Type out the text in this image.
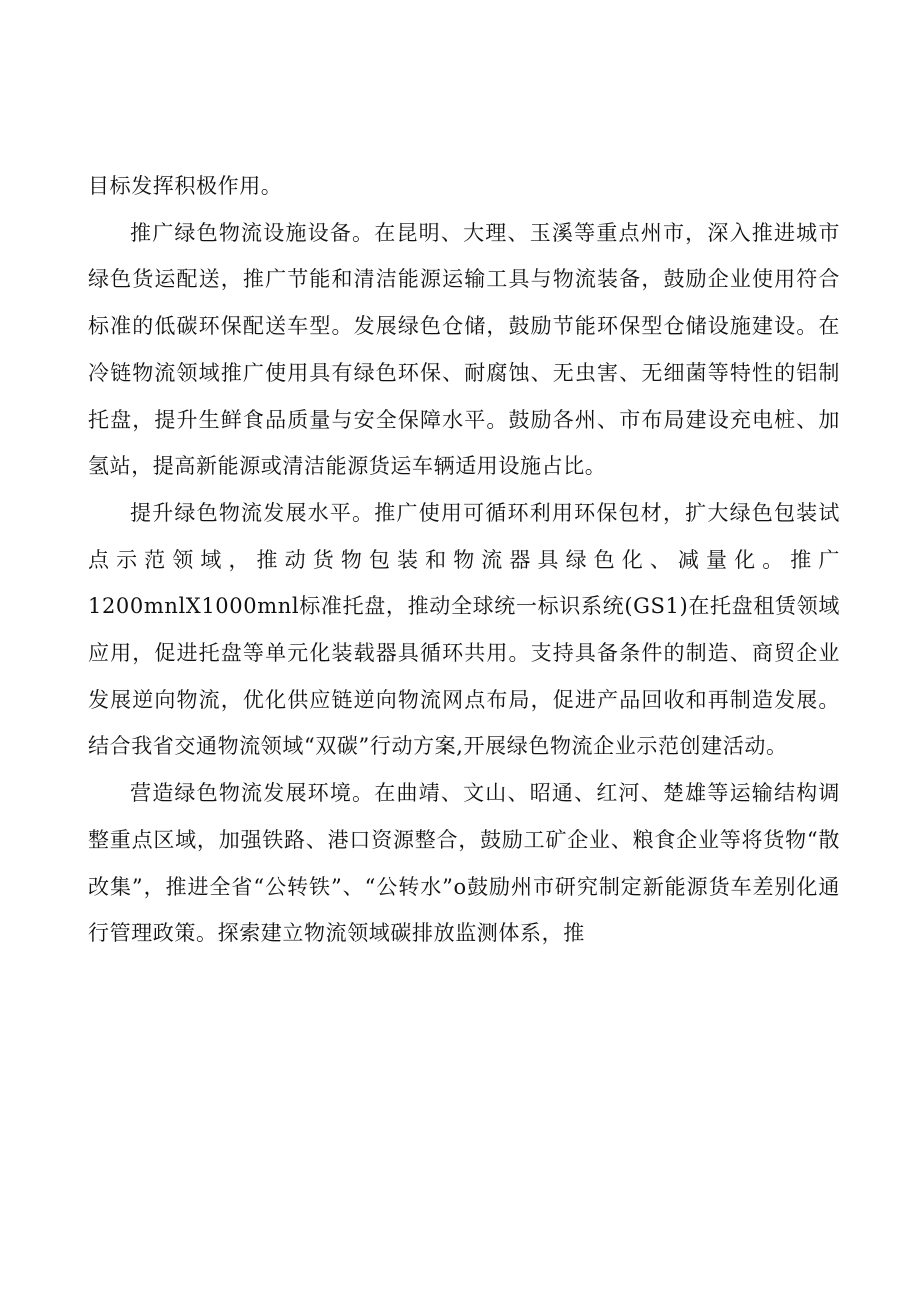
目标发挥积极作用。

推广绿色物流设施设备。在昆明、大理、玉溪等重点州市，深入推进城市绿色货运配送，推广节能和清洁能源运输工具与物流装备，鼓励企业使用符合标准的低碳环保配送车型。发展绿色仓储，鼓励节能环保型仓储设施建设。在冷链物流领域推广使用具有绿色环保、耐腐蚀、无虫害、无细菌等特性的铝制托盘，提升生鲜食品质量与安全保障水平。鼓励各州、市布局建设充电桩、加氢站，提高新能源或清洁能源货运车辆适用设施占比。

提升绿色物流发展水平。推广使用可循环利用环保包材，扩大绿色包装试点示范领域，推动货物包装和物流器具绿色化、减量化。推广1200mnlX1000mnl标准托盘，推动全球统一标识系统(GS1)在托盘租赁领域应用，促进托盘等单元化装载器具循环共用。支持具备条件的制造、商贸企业发展逆向物流，优化供应链逆向物流网点布局，促进产品回收和再制造发展。结合我省交通物流领域“双碳”行动方案,开展绿色物流企业示范创建活动。

营造绿色物流发展环境。在曲靖、文山、昭通、红河、楚雄等运输结构调整重点区域，加强铁路、港口资源整合，鼓励工矿企业、粮食企业等将货物“散改集”，推进全省“公转铁”、“公转水”o鼓励州市研究制定新能源货车差别化通行管理政策。探索建立物流领域碳排放监测体系，推
